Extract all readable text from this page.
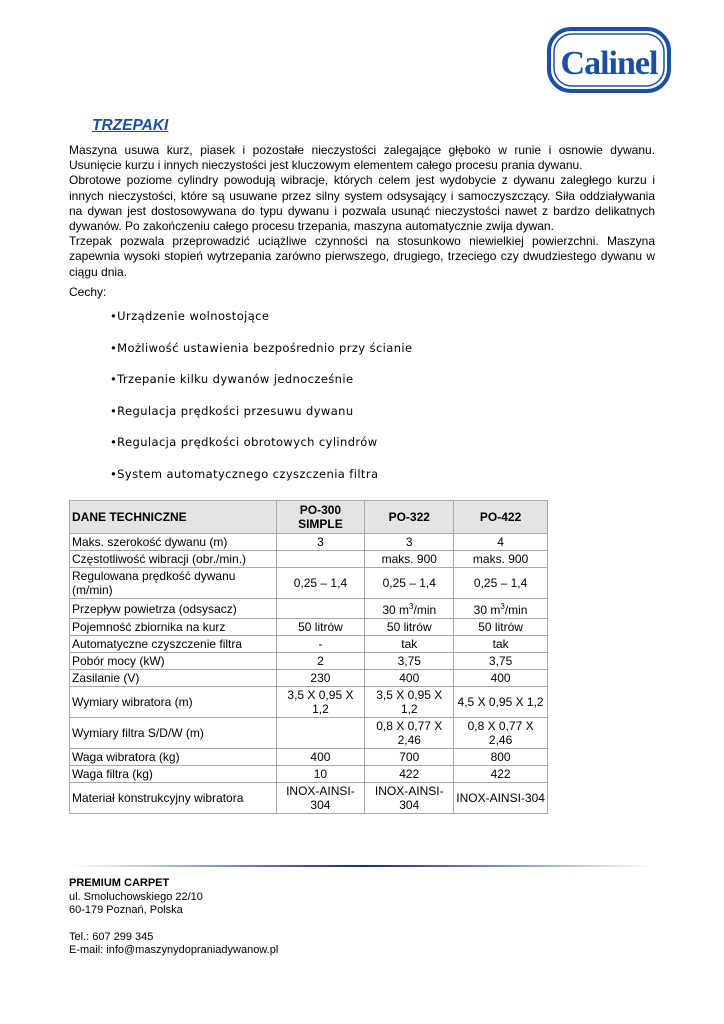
Calinel
TRZEPAKI

Maszyna usuwa kurz, piasek i pozostałe nieczystości zalegające głęboko w runie i osnowie dywanu. Usunięcie kurzu i innych nieczystości jest kluczowym elementem całego procesu prania dywanu.

Obrotowe poziome cylindry powodują wibracje, których celem jest wydobycie z dywanu zaległego kurzu i innych nieczystości, które są usuwane przez silny system odsysający i samoczyszczący. Siła oddziaływania na dywan jest dostosowywana do typu dywanu i pozwala usunąć nieczystości nawet z bardzo delikatnych dywanów. Po zakończeniu całego procesu trzepania, maszyna automatycznie zwija dywan.

Trzepak pozwala przeprowadzić uciążliwe czynności na stosunkowo niewielkiej powierzchni. Maszyna zapewnia wysoki stopień wytrzepania zarówno pierwszego, drugiego, trzeciego czy dwudziestego dywanu w ciągu dnia.

Cechy:
•Urządzenie wolnostojące
•Możliwość ustawienia bezpośrednio przy ścianie
•Trzepanie kilku dywanów jednocześnie
•Regulacja prędkości przesuwu dywanu
•Regulacja prędkości obrotowych cylindrów
•System automatycznego czyszczenia filtra
DANE TECHNICZNE	PO-300 SIMPLE	PO-322	PO-422
Maks. szerokość dywanu (m)	3	3	4
Częstotliwość wibracji (obr./min.)		maks. 900	maks. 900
Regulowana prędkość dywanu (m/min)	0,25 – 1,4	0,25 – 1,4	0,25 – 1,4
Przepływ powietrza (odsysacz)		30 $m^3/\min$	30 $m^3/\min$
Pojemność zbiornika na kurz	50 litrów	50 litrów	50 litrów
Automatyczne czyszczenie filtra	-	tak	tak
Pobór mocy (kW)	2	3,75	3,75
Zasilanie (V)	230	400	400
Wymiary wibratora (m)	3,5 X 0,95 X 1,2	3,5 X 0,95 X 1,2	4,5 X 0,95 X 1,2
Wymiary filtra S/D/W (m)		0,8 X 0,77 X 2,46	0,8 X 0,77 X 2,46
Waga wibratora (kg)	400	700	800
Waga filtra (kg)	10	422	422
Materiał konstrukcyjny wibratora	INOX-AINSI-304	INOX-AINSI-304	INOX-AINSI-304
PREMIUM CARPET
ul. Smoluchowskiego 22/10
60-179 Poznań, Polska
Tel.: 607 299 345
E-mail: info@maszynydopraniadywanow.pl
